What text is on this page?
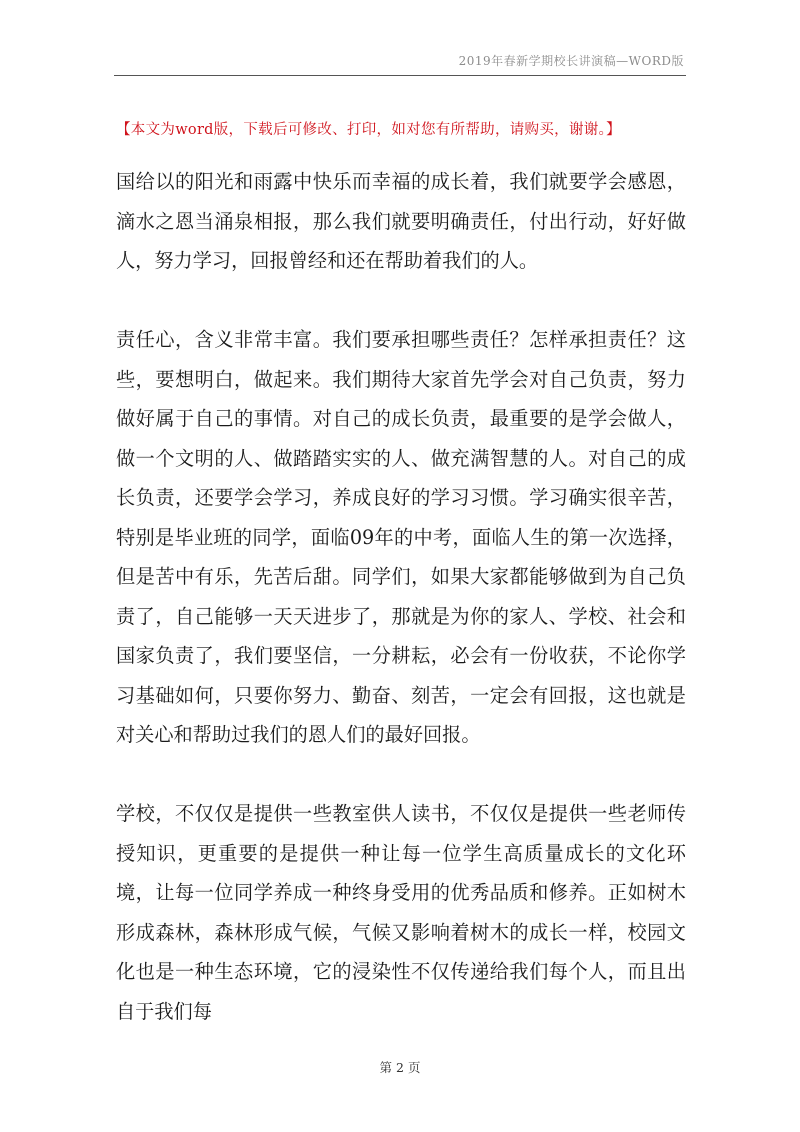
2019年春新学期校长讲演稿—WORD版
【本文为word版，下载后可修改、打印，如对您有所帮助，请购买，谢谢。】

国给以的阳光和雨露中快乐而幸福的成长着，我们就要学会感恩，滴水之恩当涌泉相报，那么我们就要明确责任，付出行动，好好做人，努力学习，回报曾经和还在帮助着我们的人。

责任心，含义非常丰富。我们要承担哪些责任？怎样承担责任？这些，要想明白，做起来。我们期待大家首先学会对自己负责，努力做好属于自己的事情。对自己的成长负责，最重要的是学会做人，做一个文明的人、做踏踏实实的人、做充满智慧的人。对自己的成长负责，还要学会学习，养成良好的学习习惯。学习确实很辛苦，特别是毕业班的同学，面临09年的中考，面临人生的第一次选择，但是苦中有乐，先苦后甜。同学们，如果大家都能够做到为自己负责了，自己能够一天天进步了，那就是为你的家人、学校、社会和国家负责了，我们要坚信，一分耕耘，必会有一份收获，不论你学习基础如何，只要你努力、勤奋、刻苦，一定会有回报，这也就是对关心和帮助过我们的恩人们的最好回报。

学校，不仅仅是提供一些教室供人读书，不仅仅是提供一些老师传授知识，更重要的是提供一种让每一位学生高质量成长的文化环境，让每一位同学养成一种终身受用的优秀品质和修养。正如树木形成森林，森林形成气候，气候又影响着树木的成长一样，校园文化也是一种生态环境，它的浸染性不仅传递给我们每个人，而且出自于我们每

第 2 页
